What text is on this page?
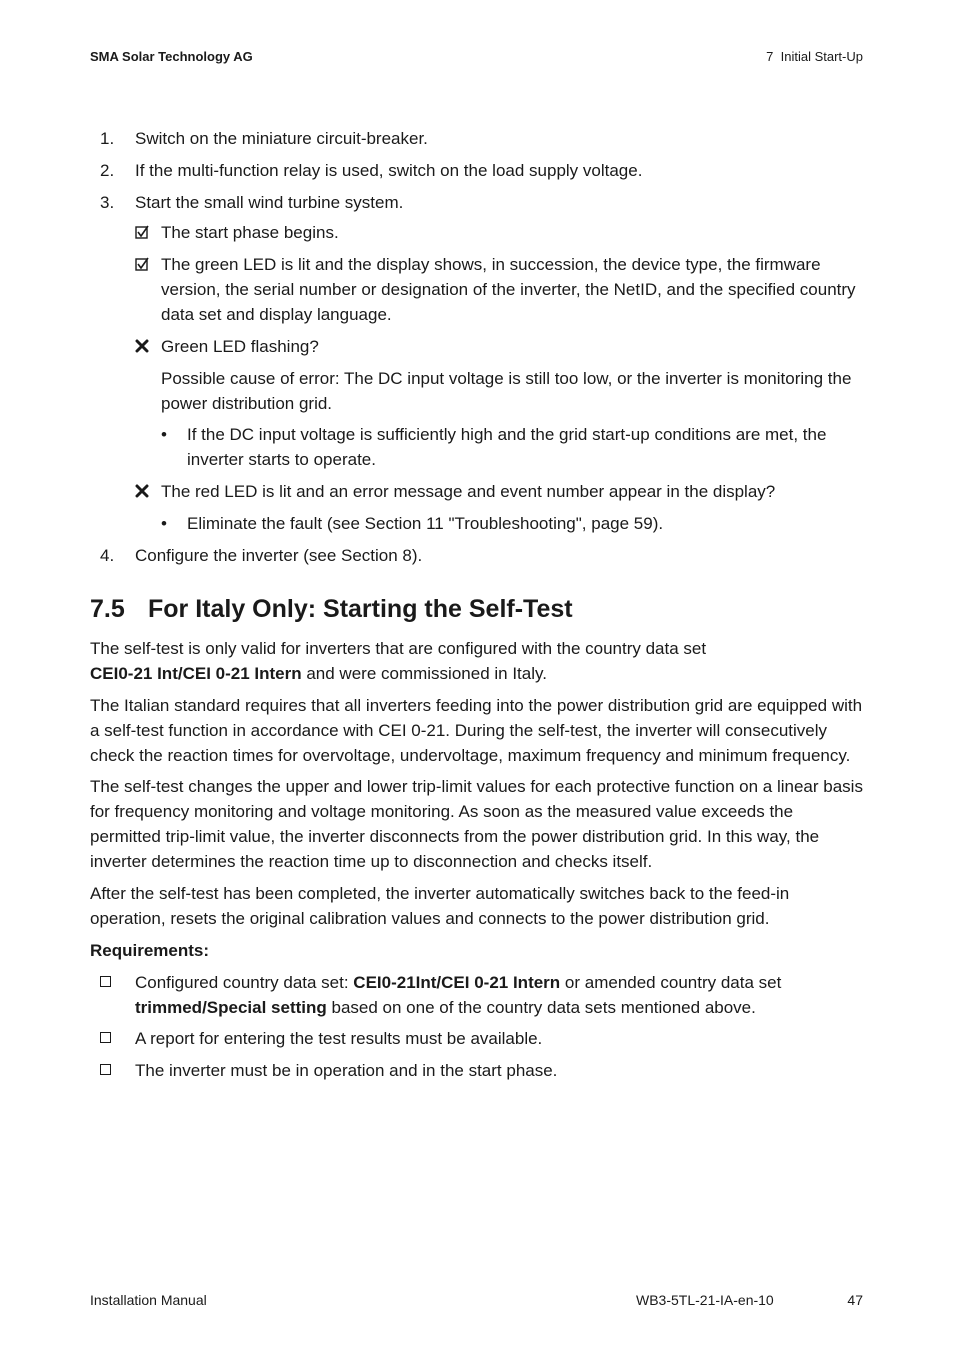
SMA Solar Technology AG	7  Initial Start-Up
1. Switch on the miniature circuit-breaker.
2. If the multi-function relay is used, switch on the load supply voltage.
3. Start the small wind turbine system.
The start phase begins.
The green LED is lit and the display shows, in succession, the device type, the firmware version, the serial number or designation of the inverter, the NetID, and the specified country data set and display language.
Green LED flashing?
Possible cause of error: The DC input voltage is still too low, or the inverter is monitoring the power distribution grid.
• If the DC input voltage is sufficiently high and the grid start-up conditions are met, the inverter starts to operate.
The red LED is lit and an error message and event number appear in the display?
• Eliminate the fault (see Section 11 "Troubleshooting", page 59).
4. Configure the inverter (see Section 8).
7.5 For Italy Only: Starting the Self-Test
The self-test is only valid for inverters that are configured with the country data set
CEI0-21 Int/CEI 0-21 Intern and were commissioned in Italy.
The Italian standard requires that all inverters feeding into the power distribution grid are equipped with a self-test function in accordance with CEI 0-21. During the self-test, the inverter will consecutively check the reaction times for overvoltage, undervoltage, maximum frequency and minimum frequency.
The self-test changes the upper and lower trip-limit values for each protective function on a linear basis for frequency monitoring and voltage monitoring. As soon as the measured value exceeds the permitted trip-limit value, the inverter disconnects from the power distribution grid. In this way, the inverter determines the reaction time up to disconnection and checks itself.
After the self-test has been completed, the inverter automatically switches back to the feed-in operation, resets the original calibration values and connects to the power distribution grid.
Requirements:
Configured country data set: CEI0-21Int/CEI 0-21 Intern or amended country data set trimmed/Special setting based on one of the country data sets mentioned above.
A report for entering the test results must be available.
The inverter must be in operation and in the start phase.
Installation Manual	WB3-5TL-21-IA-en-10	47
